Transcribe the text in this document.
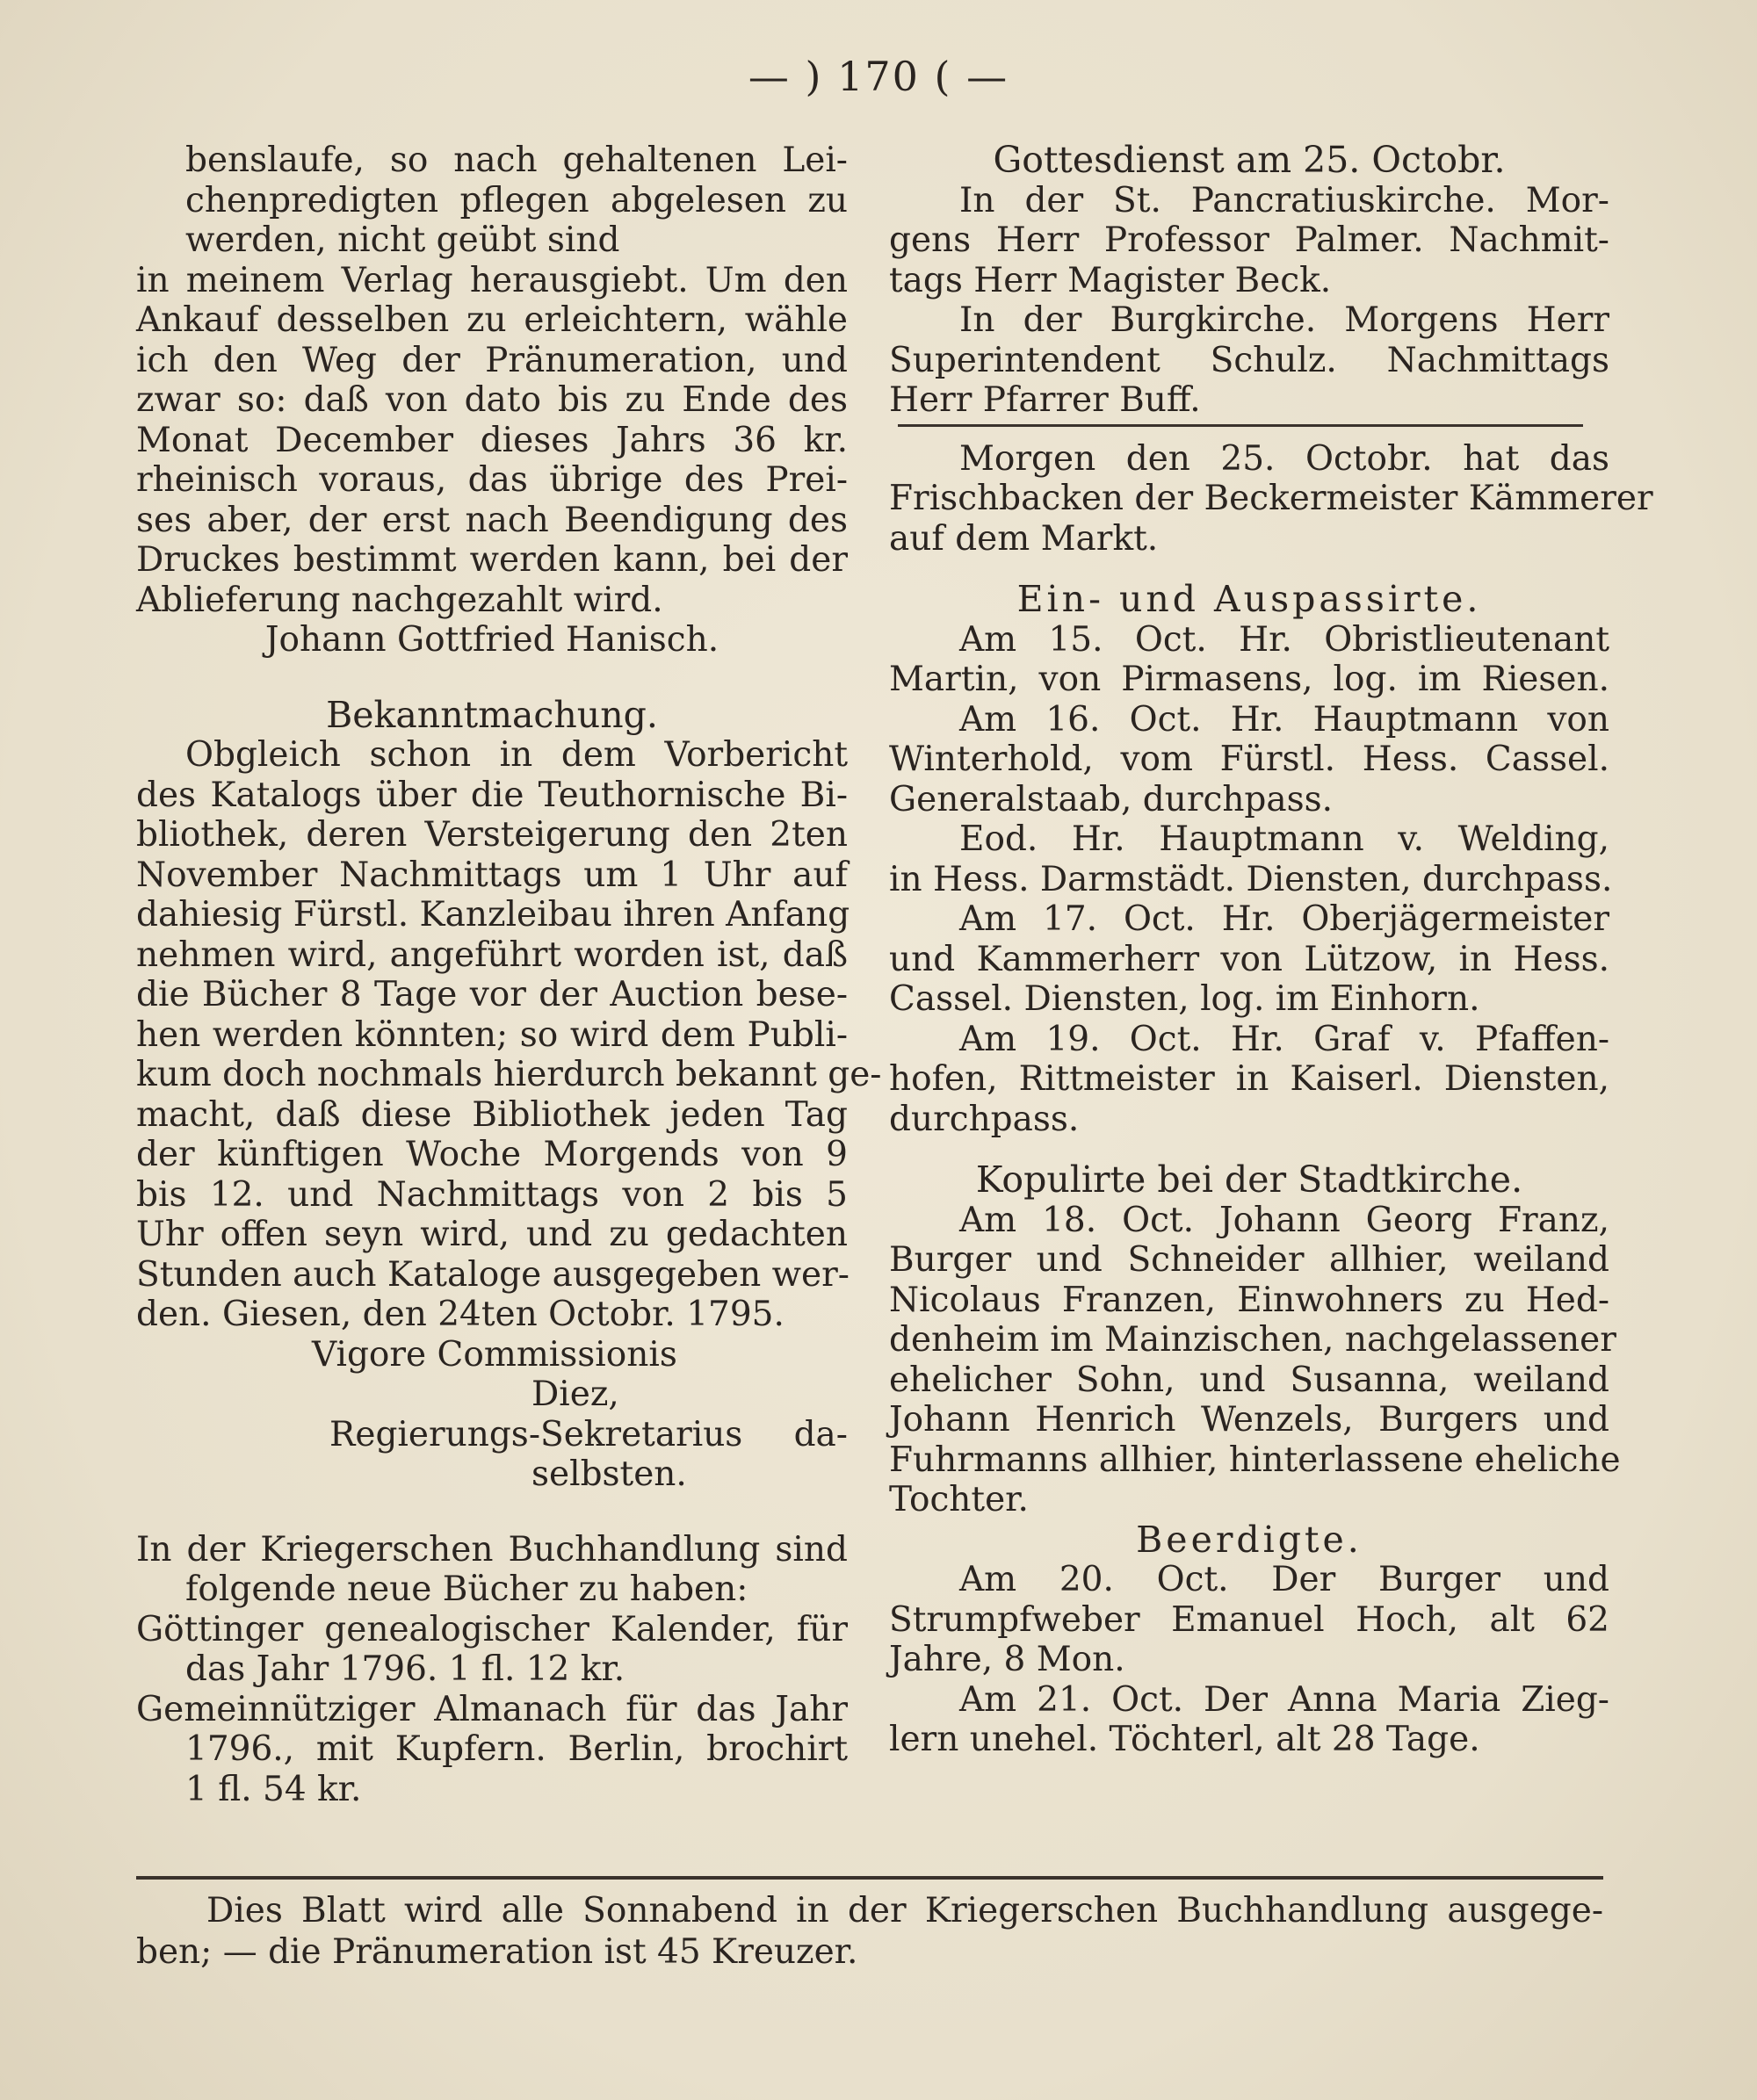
— ) 170 ( —
benslaufe, so nach gehaltenen Lei-
chenpredigten pflegen abgelesen zu
werden, nicht geübt sind
in meinem Verlag herausgiebt. Um den
Ankauf desselben zu erleichtern, wähle
ich den Weg der Pränumeration, und
zwar so: daß von dato bis zu Ende des
Monat December dieses Jahrs 36 kr.
rheinisch voraus, das übrige des Prei-
ses aber, der erst nach Beendigung des
Druckes bestimmt werden kann, bei der
Ablieferung nachgezahlt wird.
Johann Gottfried Hanisch.
Bekanntmachung.
Obgleich schon in dem Vorbericht
des Katalogs über die Teuthornische Bi-
bliothek, deren Versteigerung den 2ten
November Nachmittags um 1 Uhr auf
dahiesig Fürstl. Kanzleibau ihren Anfang
nehmen wird, angeführt worden ist, daß
die Bücher 8 Tage vor der Auction bese-
hen werden könnten; so wird dem Publi-
kum doch nochmals hierdurch bekannt ge-
macht, daß diese Bibliothek jeden Tag
der künftigen Woche Morgends von 9
bis 12. und Nachmittags von 2 bis 5
Uhr offen seyn wird, und zu gedachten
Stunden auch Kataloge ausgegeben wer-
den. Giesen, den 24ten Octobr. 1795.
Vigore Commissionis
Diez,
Regierungs-Sekretarius da-
selbsten.
In der Kriegerschen Buchhandlung sind
folgende neue Bücher zu haben:
Göttinger genealogischer Kalender, für
das Jahr 1796. 1 fl. 12 kr.
Gemeinnütziger Almanach für das Jahr
1796., mit Kupfern. Berlin, brochirt
1 fl. 54 kr.
Gottesdienst am 25. Octobr.
In der St. Pancratiuskirche. Mor-
gens Herr Professor Palmer. Nachmit-
tags Herr Magister Beck.
In der Burgkirche. Morgens Herr
Superintendent Schulz. Nachmittags
Herr Pfarrer Buff.
Morgen den 25. Octobr. hat das
Frischbacken der Beckermeister Kämmerer
auf dem Markt.
Ein- und Auspassirte.
Am 15. Oct. Hr. Obristlieutenant
Martin, von Pirmasens, log. im Riesen.
Am 16. Oct. Hr. Hauptmann von
Winterhold, vom Fürstl. Hess. Cassel.
Generalstaab, durchpass.
Eod. Hr. Hauptmann v. Welding,
in Hess. Darmstädt. Diensten, durchpass.
Am 17. Oct. Hr. Oberjägermeister
und Kammerherr von Lützow, in Hess.
Cassel. Diensten, log. im Einhorn.
Am 19. Oct. Hr. Graf v. Pfaffen-
hofen, Rittmeister in Kaiserl. Diensten,
durchpass.
Kopulirte bei der Stadtkirche.
Am 18. Oct. Johann Georg Franz,
Burger und Schneider allhier, weiland
Nicolaus Franzen, Einwohners zu Hed-
denheim im Mainzischen, nachgelassener
ehelicher Sohn, und Susanna, weiland
Johann Henrich Wenzels, Burgers und
Fuhrmanns allhier, hinterlassene eheliche
Tochter.
Beerdigte.
Am 20. Oct. Der Burger und
Strumpfweber Emanuel Hoch, alt 62
Jahre, 8 Mon.
Am 21. Oct. Der Anna Maria Zieg-
lern unehel. Töchterl, alt 28 Tage.
Dies Blatt wird alle Sonnabend in der Kriegerschen Buchhandlung ausgege-
ben; — die Pränumeration ist 45 Kreuzer.
